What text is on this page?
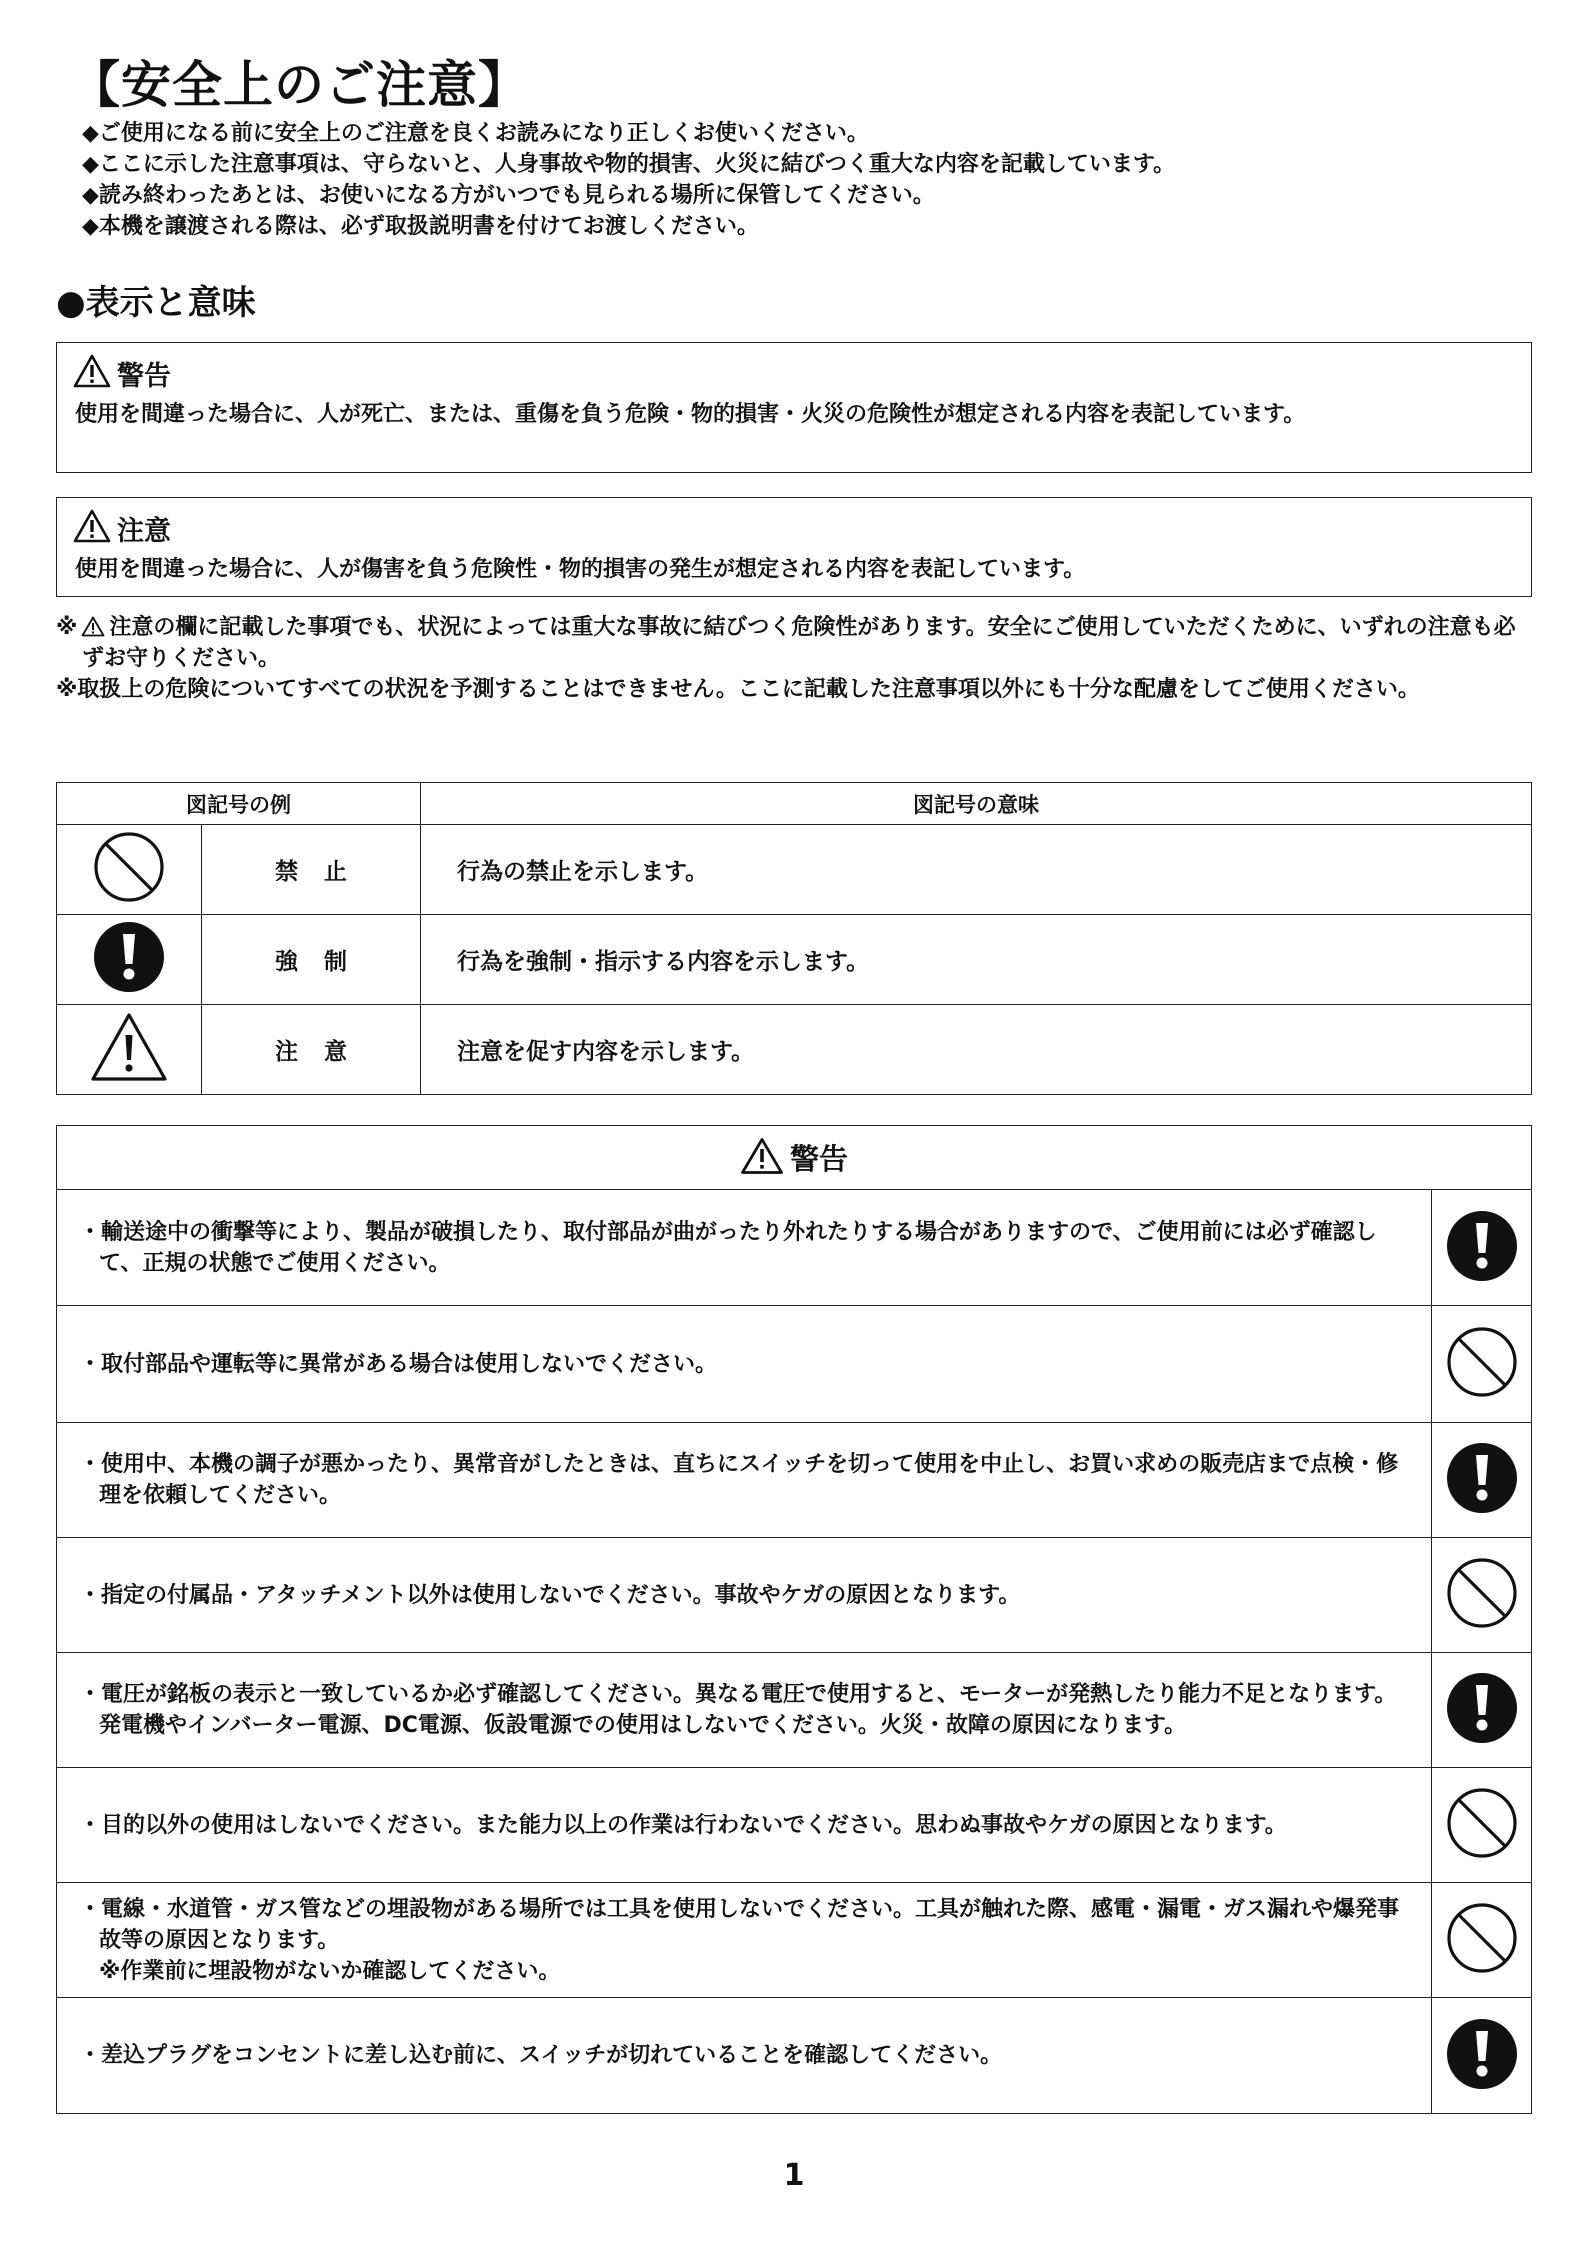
【安全上のご注意】
◆ご使用になる前に安全上のご注意を良くお読みになり正しくお使いください。
◆ここに示した注意事項は、守らないと、人身事故や物的損害、火災に結びつく重大な内容を記載しています。
◆読み終わったあとは、お使いになる方がいつでも見られる場所に保管してください。
◆本機を譲渡される際は、必ず取扱説明書を付けてお渡しください。
●表示と意味
警告
使用を間違った場合に、人が死亡、または、重傷を負う危険・物的損害・火災の危険性が想定される内容を表記しています。
注意
使用を間違った場合に、人が傷害を負う危険性・物的損害の発生が想定される内容を表記しています。

※ 注意の欄に記載した事項でも、状況によっては重大な事故に結びつく危険性があります。安全にご使用していただくために、いずれの注意も必ずお守りください。

※取扱上の危険についてすべての状況を予測することはできません。ここに記載した注意事項以外にも十分な配慮をしてご使用ください。

図記号の例		図記号の意味
	禁止	行為の禁止を示します。
	強制	行為を強制・指示する内容を示します。
	注意	注意を促す内容を示します。
警告	

・輸送途中の衝撃等により、製品が破損したり、取付部品が曲がったり外れたりする場合がありますので、ご使用前には必ず確認して、正規の状態でご使用ください。

・取付部品や運転等に異常がある場合は使用しないでください。

・使用中、本機の調子が悪かったり、異常音がしたときは、直ちにスイッチを切って使用を中止し、お買い求めの販売店まで点検・修理を依頼してください。

・指定の付属品・アタッチメント以外は使用しないでください。事故やケガの原因となります。

・電圧が銘板の表示と一致しているか必ず確認してください。異なる電圧で使用すると、モーターが発熱したり能力不足となります。発電機やインバーター電源、DC電源、仮設電源での使用はしないでください。火災・故障の原因になります。

・目的以外の使用はしないでください。また能力以上の作業は行わないでください。思わぬ事故やケガの原因となります。

・電線・水道管・ガス管などの埋設物がある場所では工具を使用しないでください。工具が触れた際、感電・漏電・ガス漏れや爆発事故等の原因となります。
※作業前に埋設物がないか確認してください。

・差込プラグをコンセントに差し込む前に、スイッチが切れていることを確認してください。

1
